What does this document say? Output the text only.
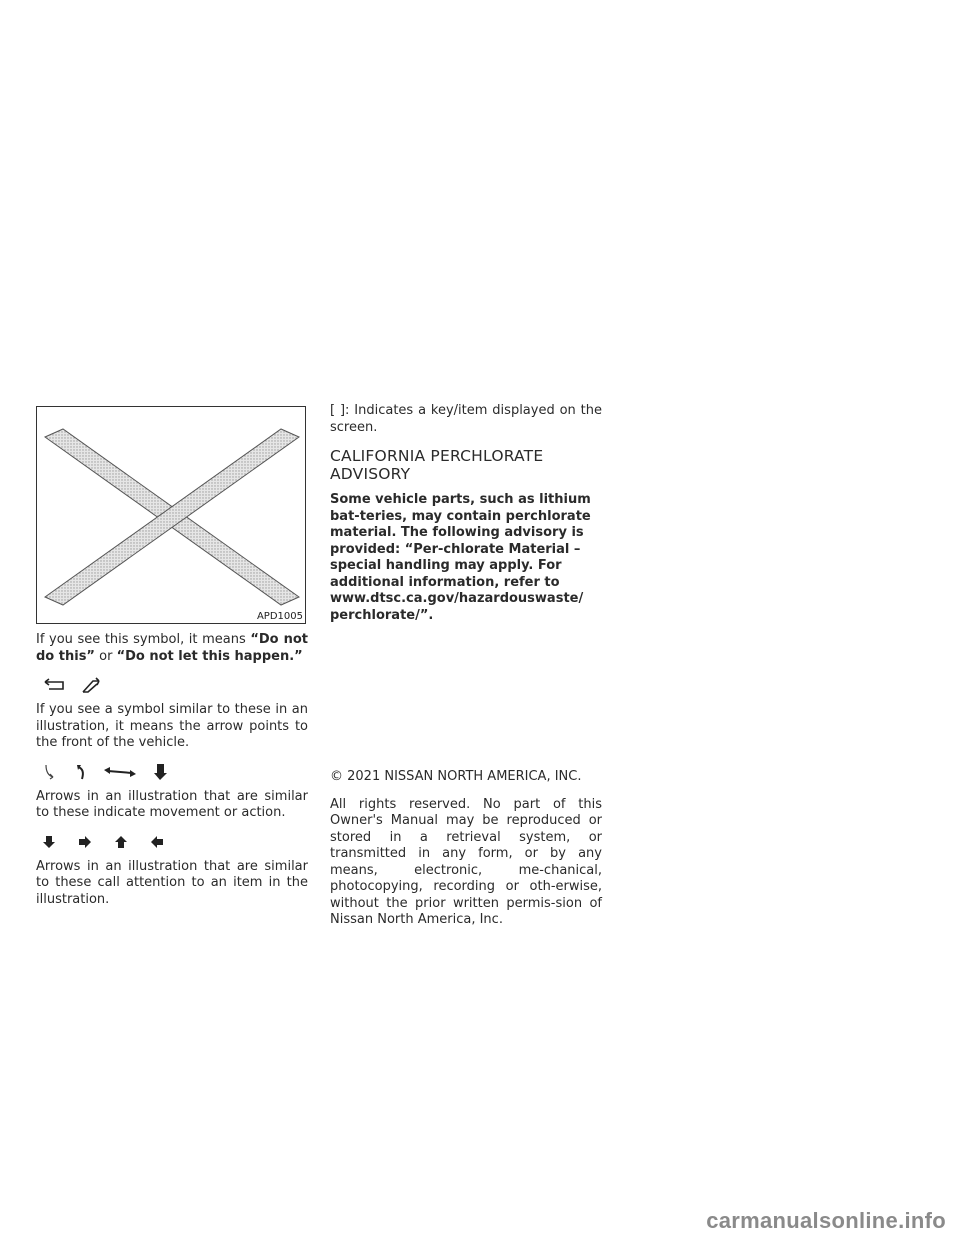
APD1005

If you see this symbol, it means “Do not do this” or “Do not let this happen.”

If you see a symbol similar to these in an illustration, it means the arrow points to the front of the vehicle.

Arrows in an illustration that are similar to these indicate movement or action.

Arrows in an illustration that are similar to these call attention to an item in the illustration.

[ ]: Indicates a key/item displayed on the screen.

CALIFORNIA PERCHLORATE
ADVISORY

Some vehicle parts, such as lithium bat-teries, may contain perchlorate material. The following advisory is provided: “Per-chlorate Material – special handling may apply. For additional information, refer to www.dtsc.ca.gov/hazardouswaste/ perchlorate/”.

© 2021 NISSAN NORTH AMERICA, INC.

All rights reserved. No part of this Owner's Manual may be reproduced or stored in a retrieval system, or transmitted in any form, or by any means, electronic, me-chanical, photocopying, recording or oth-erwise, without the prior written permis-sion of Nissan North America, Inc.

carmanualsonline.info
